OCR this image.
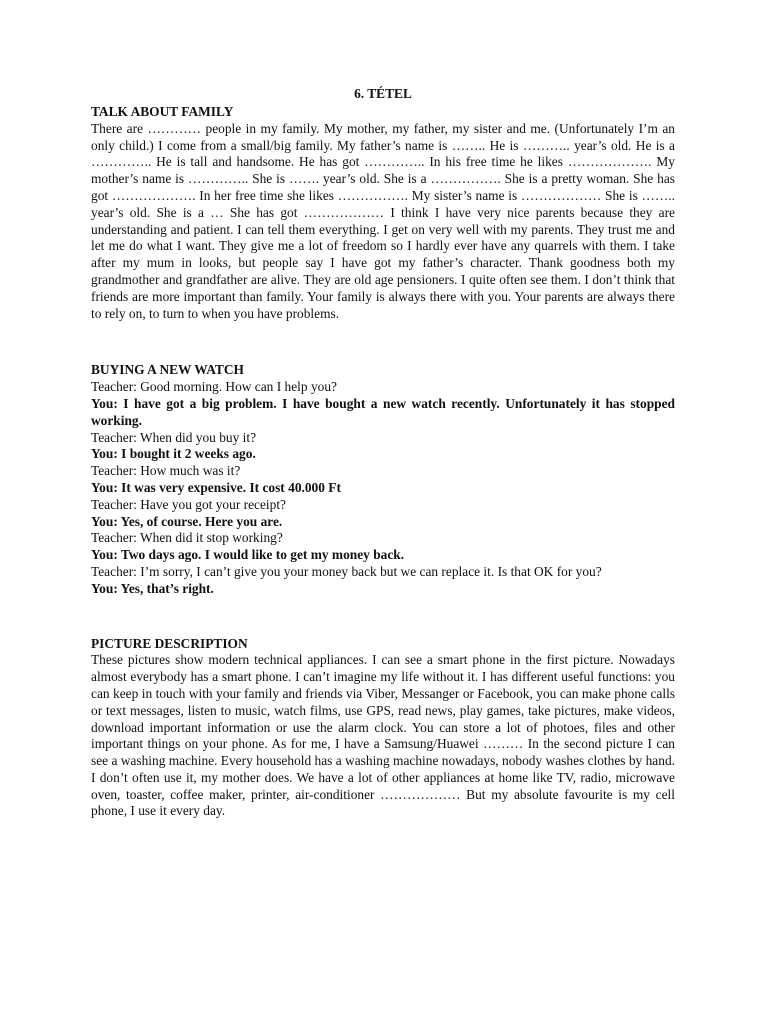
6. TÉTEL

TALK ABOUT FAMILY

There are ………… people in my family. My mother, my father, my sister and me. (Unfortunately I’m an only child.) I come from a small/big family. My father’s name is …….. He is ……….. year’s old. He is a ………….. He is tall and handsome. He has got ………….. In his free time he likes ………………. My mother’s name is ………….. She is ……. year’s old. She is a ……………. She is a pretty woman. She has got ………………. In her free time she likes ……………. My sister’s name is ……………… She is …….. year’s old. She is a … She has got ……………… I think I have very nice parents because they are understanding and patient. I can tell them everything. I get on very well with my parents. They trust me and let me do what I want. They give me a lot of freedom so I hardly ever have any quarrels with them. I take after my mum in looks, but people say I have got my father’s character. Thank goodness both my grandmother and grandfather are alive. They are old age pensioners. I quite often see them. I don’t think that friends are more important than family. Your family is always there with you. Your parents are always there to rely on, to turn to when you have problems.

BUYING A NEW WATCH

Teacher: Good morning. How can I help you?

You: I have got a big problem. I have bought a new watch recently. Unfortunately it has stopped working.

Teacher: When did you buy it?

You: I bought it 2 weeks ago.

Teacher: How much was it?

You: It was very expensive. It cost 40.000 Ft

Teacher: Have you got your receipt?

You: Yes, of course. Here you are.

Teacher: When did it stop working?

You: Two days ago. I would like to get my money back.

Teacher: I’m sorry, I can’t give you your money back but we can replace it. Is that OK for you?

You: Yes, that’s right.

PICTURE DESCRIPTION

These pictures show modern technical appliances. I can see a smart phone in the first picture. Nowadays almost everybody has a smart phone. I can’t imagine my life without it. I has different useful functions: you can keep in touch with your family and friends via Viber, Messanger or Facebook, you can make phone calls or text messages, listen to music, watch films, use GPS, read news, play games, take pictures, make videos, download important information or use the alarm clock. You can store a lot of photoes, files and other important things on your phone. As for me, I have a Samsung/Huawei ……… In the second picture I can see a washing machine. Every household has a washing machine nowadays, nobody washes clothes by hand. I don’t often use it, my mother does. We have a lot of other appliances at home like TV, radio, microwave oven, toaster, coffee maker, printer, air-conditioner ……………… But my absolute favourite is my cell phone, I use it every day.
